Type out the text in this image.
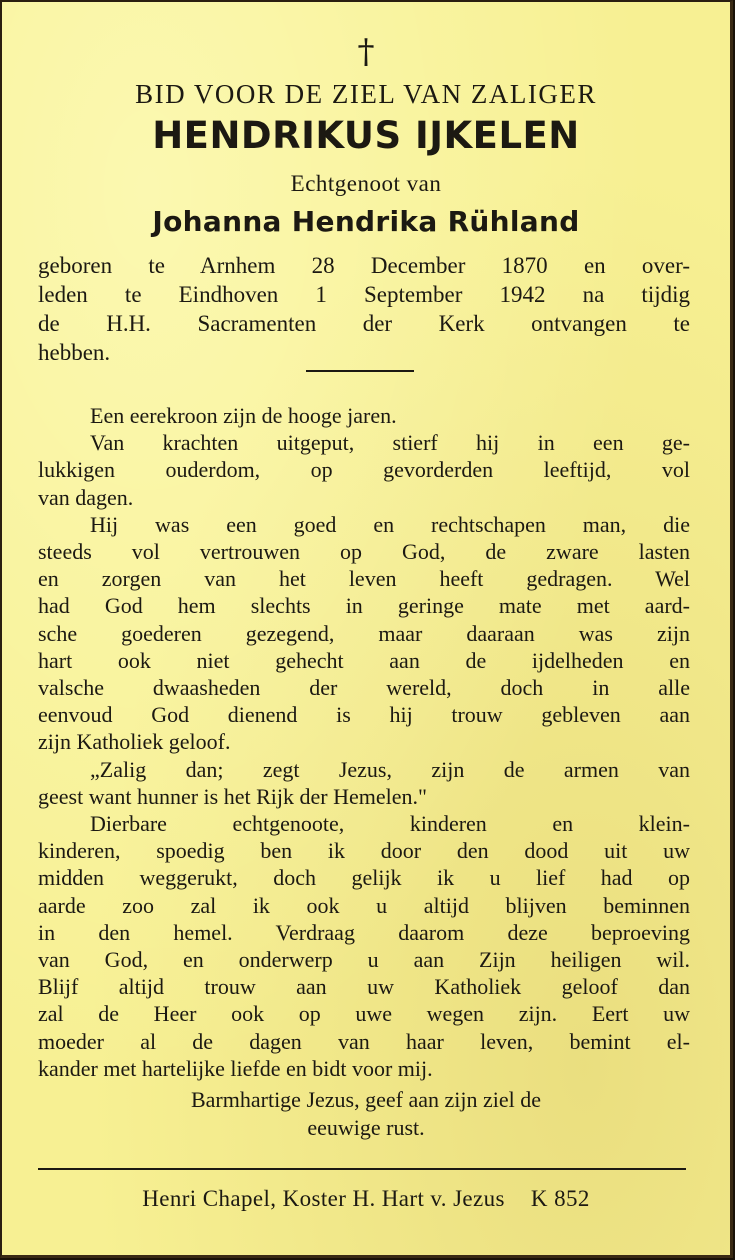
†
BID VOOR DE ZIEL VAN ZALIGER
HENDRIKUS IJKELEN
Echtgenoot van
Johanna Hendrika Rühland
geboren te Arnhem 28 December 1870 en over-
leden te Eindhoven 1 September 1942 na tijdig
de H.H. Sacramenten der Kerk ontvangen te
hebben.
Een eerekroon zijn de hooge jaren.
Van krachten uitgeput, stierf hij in een ge-
lukkigen ouderdom, op gevorderden leeftijd, vol
van dagen.
Hij was een goed en rechtschapen man, die
steeds vol vertrouwen op God, de zware lasten
en zorgen van het leven heeft gedragen. Wel
had God hem slechts in geringe mate met aard-
sche goederen gezegend, maar daaraan was zijn
hart ook niet gehecht aan de ijdelheden en
valsche dwaasheden der wereld, doch in alle
eenvoud God dienend is hij trouw gebleven aan
zijn Katholiek geloof.
„Zalig dan; zegt Jezus, zijn de armen van
geest want hunner is het Rijk der Hemelen."
Dierbare echtgenoote, kinderen en klein-
kinderen, spoedig ben ik door den dood uit uw
midden weggerukt, doch gelijk ik u lief had op
aarde zoo zal ik ook u altijd blijven beminnen
in den hemel. Verdraag daarom deze beproeving
van God, en onderwerp u aan Zijn heiligen wil.
Blijf altijd trouw aan uw Katholiek geloof dan
zal de Heer ook op uwe wegen zijn. Eert uw
moeder al de dagen van haar leven, bemint el-
kander met hartelijke liefde en bidt voor mij.
Barmhartige Jezus, geef aan zijn ziel de
eeuwige rust.
Henri Chapel, Koster H. Hart v. Jezus K 852
